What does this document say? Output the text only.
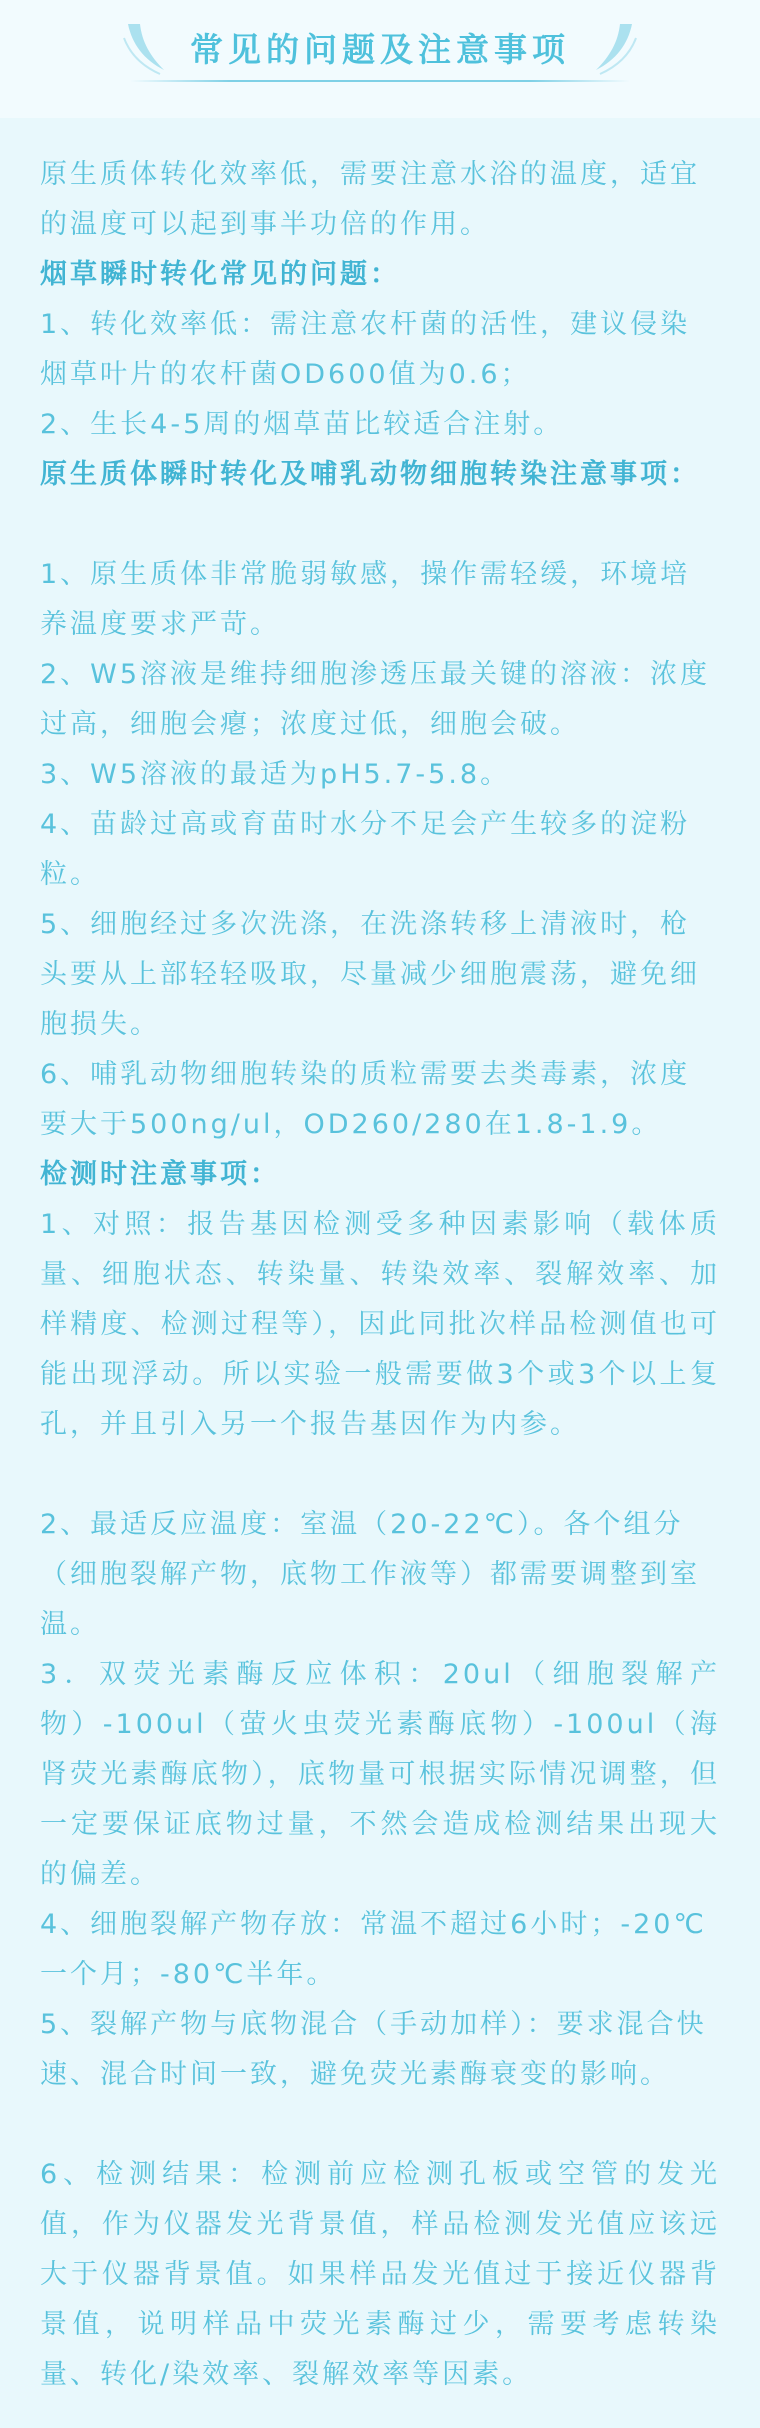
常见的问题及注意事项

原生质体转化效率低，需要注意水浴的温度，适宜的温度可以起到事半功倍的作用。

烟草瞬时转化常见的问题：

1、转化效率低：需注意农杆菌的活性，建议侵染烟草叶片的农杆菌OD600值为0.6；

2、生长4-5周的烟草苗比较适合注射。

原生质体瞬时转化及哺乳动物细胞转染注意事项：

1、原生质体非常脆弱敏感，操作需轻缓，环境培养温度要求严苛。

2、W5溶液是维持细胞渗透压最关键的溶液：浓度过高，细胞会瘪；浓度过低，细胞会破。

3、W5溶液的最适为pH5.7-5.8。

4、苗龄过高或育苗时水分不足会产生较多的淀粉粒。

5、细胞经过多次洗涤，在洗涤转移上清液时，枪头要从上部轻轻吸取，尽量减少细胞震荡，避免细胞损失。

6、哺乳动物细胞转染的质粒需要去类毒素，浓度要大于500ng/ul，OD260/280在1.8-1.9。

检测时注意事项：

1、对照：报告基因检测受多种因素影响（载体质量、细胞状态、转染量、转染效率、裂解效率、加样精度、检测过程等），因此同批次样品检测值也可能出现浮动。所以实验一般需要做3个或3个以上复孔，并且引入另一个报告基因作为内参。

2、最适反应温度：室温（20-22℃）。各个组分（细胞裂解产物，底物工作液等）都需要调整到室温。

3．双荧光素酶反应体积：20ul（细胞裂解产物）-100ul（萤火虫荧光素酶底物）-100ul（海肾荧光素酶底物），底物量可根据实际情况调整，但一定要保证底物过量，不然会造成检测结果出现大的偏差。

4、细胞裂解产物存放：常温不超过6小时；-20℃一个月；-80℃半年。

5、裂解产物与底物混合（手动加样）：要求混合快速、混合时间一致，避免荧光素酶衰变的影响。

6、检测结果：检测前应检测孔板或空管的发光值，作为仪器发光背景值，样品检测发光值应该远大于仪器背景值。如果样品发光值过于接近仪器背景值，说明样品中荧光素酶过少，需要考虑转染量、转化/染效率、裂解效率等因素。
